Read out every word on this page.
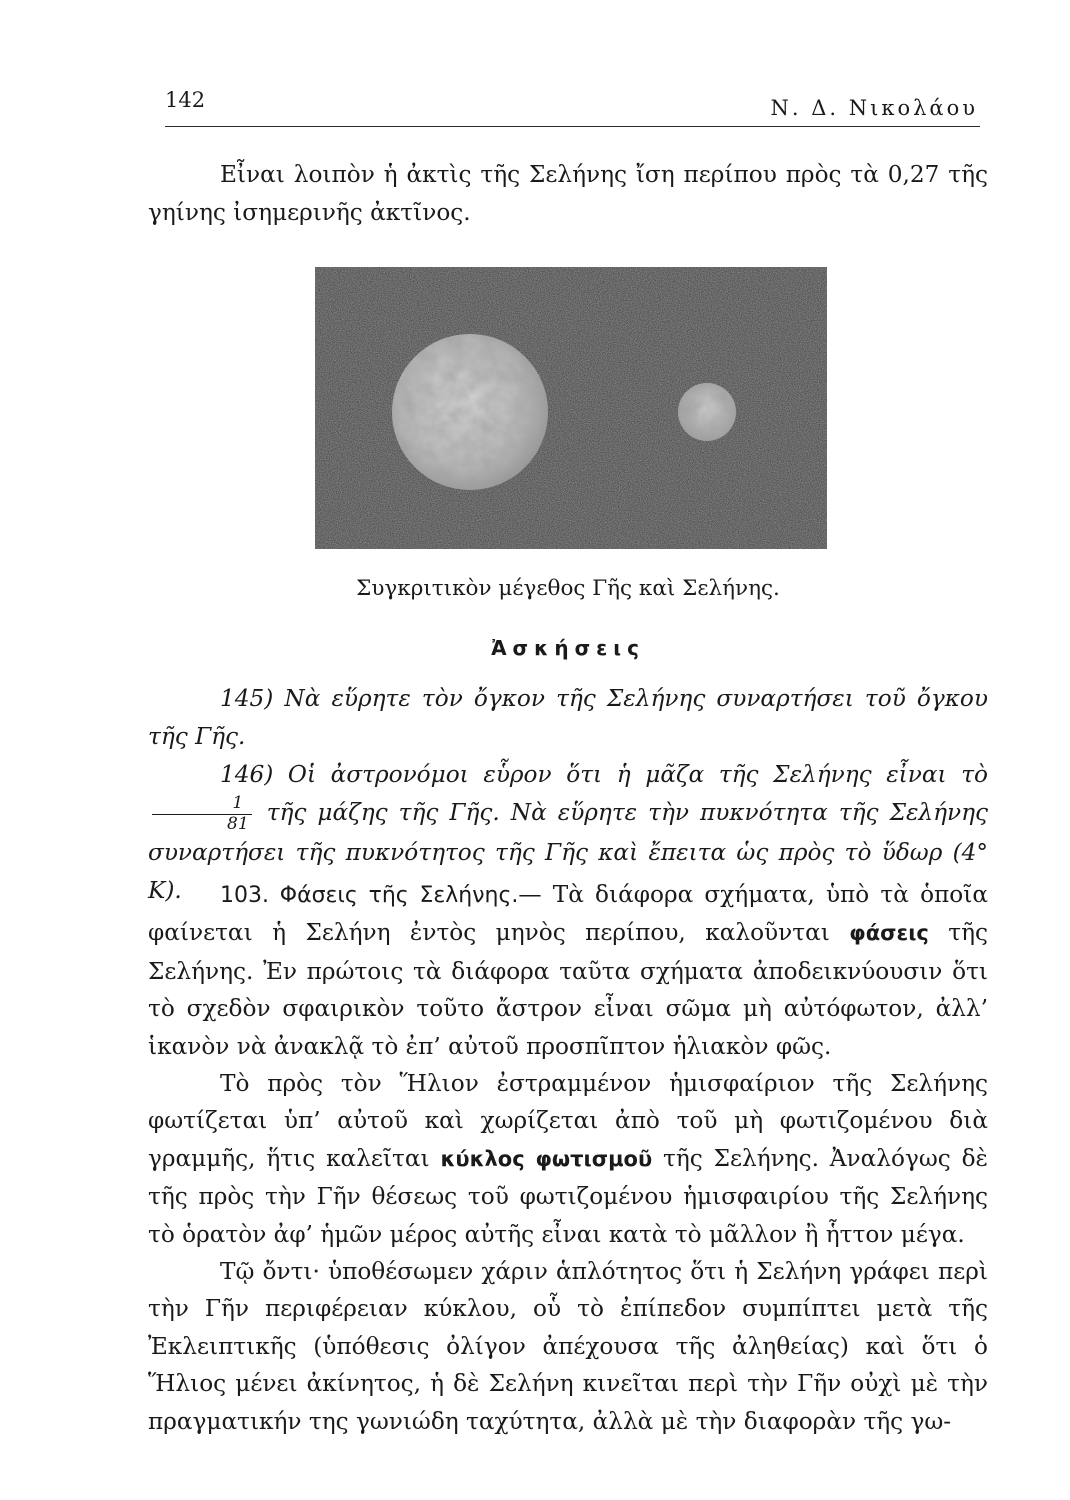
142	Ν. Δ. Νικολάου

Εἶναι λοιπὸν ἡ ἀκτὶς τῆς Σελήνης ἴση περίπου πρὸς τὰ 0,27 τῆς γηίνης ἰσημερινῆς ἀκτῖνος.

Συγκριτικὸν μέγεθος Γῆς καὶ Σελήνης.
Ἀσκήσεις

145) Νὰ εὕρητε τὸν ὄγκον τῆς Σελήνης συναρτήσει τοῦ ὄγκου τῆς Γῆς.

146) Οἱ ἀστρονόμοι εὗρον ὅτι ἡ μᾶζα τῆς Σελήνης εἶναι τὸ
$\frac{1}{81}$ τῆς μάζης τῆς Γῆς. Νὰ εὕρητε τὴν πυκνότητα τῆς Σελήνης συναρτήσει τῆς πυκνότητος τῆς Γῆς καὶ ἔπειτα ὡς πρὸς τὸ ὕδωρ (4° Κ).	103. Φάσεις τῆς Σελήνης.— Τὰ διάφορα σχήματα, ὑπὸ τὰ ὁποῖα φαίνεται ἡ Σελήνη ἐντὸς μηνὸς περίπου, καλοῦνται φάσεις τῆς Σελήνης. Ἐν πρώτοις τὰ διάφορα ταῦτα σχήματα ἀποδεικνύουσιν ὅτι τὸ σχεδὸν σφαιρικὸν τοῦτο ἄστρον εἶναι σῶμα μὴ αὐτόφωτον, ἀλλ’ ἱκανὸν νὰ ἀνακλᾷ τὸ ἐπ’ αὐτοῦ προσπῖπτον ἡλιακὸν φῶς.

Τὸ πρὸς τὸν Ἥλιον ἐστραμμένον ἡμισφαίριον τῆς Σελήνης φωτίζεται ὑπ’ αὐτοῦ καὶ χωρίζεται ἀπὸ τοῦ μὴ φωτιζομένου διὰ γραμμῆς, ἥτις καλεῖται κύκλος φωτισμοῦ τῆς Σελήνης. Ἀναλόγως δὲ τῆς πρὸς τὴν Γῆν θέσεως τοῦ φωτιζομένου ἡμισφαιρίου τῆς Σελήνης τὸ ὁρατὸν ἀφ’ ἡμῶν μέρος αὐτῆς εἶναι κατὰ τὸ μᾶλλον ἢ ἧττον μέγα.

Τῷ ὄντι· ὑποθέσωμεν χάριν ἁπλότητος ὅτι ἡ Σελήνη γράφει περὶ τὴν Γῆν περιφέρειαν κύκλου, οὗ τὸ ἐπίπεδον συμπίπτει μετὰ τῆς Ἐκλειπτικῆς (ὑπόθεσις ὀλίγον ἀπέχουσα τῆς ἀληθείας) καὶ ὅτι ὁ Ἥλιος μένει ἀκίνητος, ἡ δὲ Σελήνη κινεῖται περὶ τὴν Γῆν οὐχὶ μὲ τὴν πραγματικήν της γωνιώδη ταχύτητα, ἀλλὰ μὲ τὴν διαφορὰν τῆς γω-
